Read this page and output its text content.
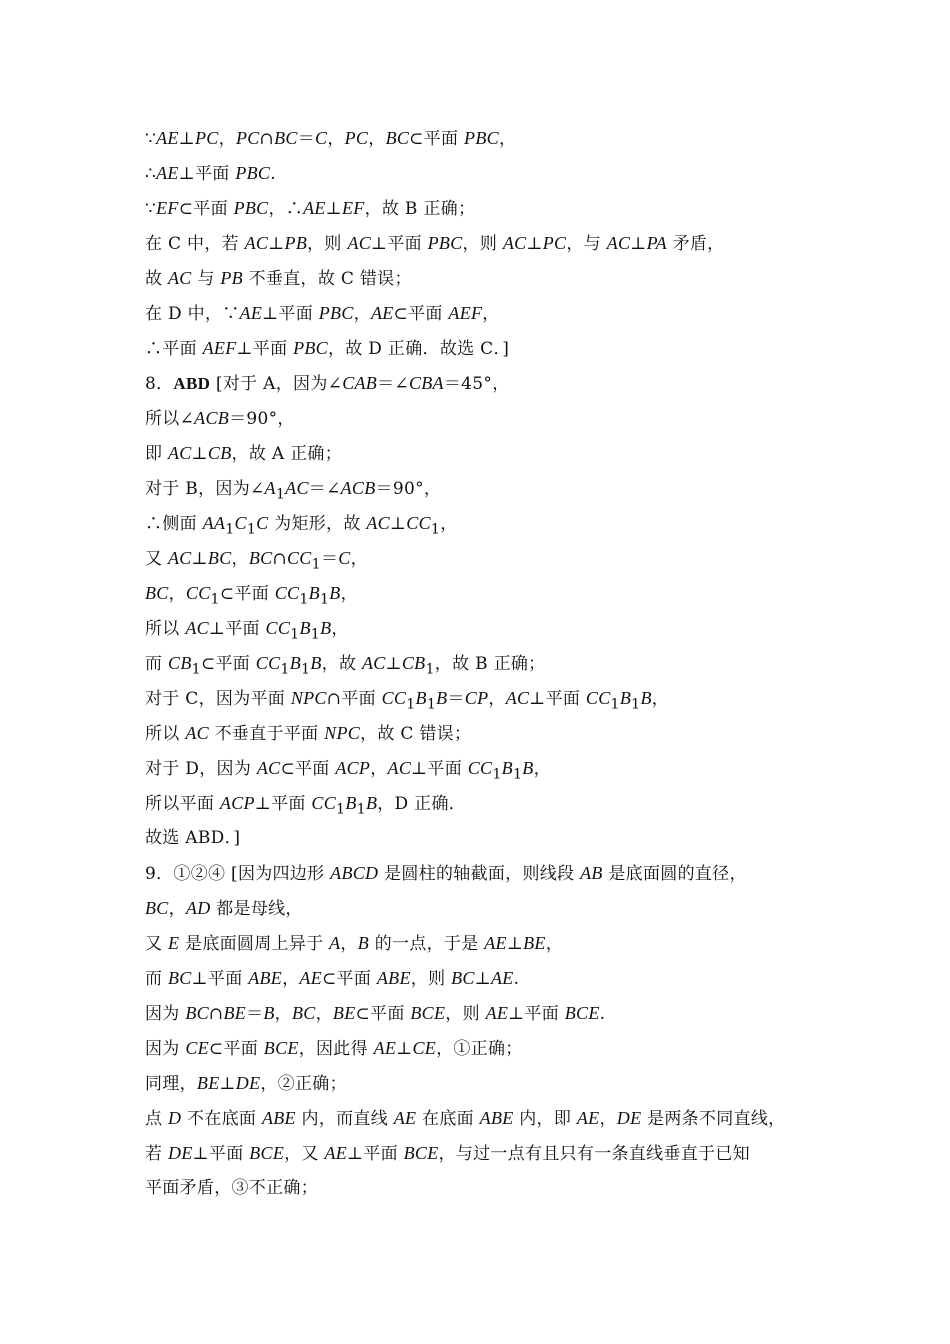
∵AE⊥PC，PC∩BC＝C，PC，BC⊂平面 PBC，
∴AE⊥平面 PBC.
∵EF⊂平面 PBC，∴AE⊥EF，故 B 正确；
在 C 中，若 AC⊥PB，则 AC⊥平面 PBC，则 AC⊥PC，与 AC⊥PA 矛盾，
故 AC 与 PB 不垂直，故 C 错误；
在 D 中，∵AE⊥平面 PBC，AE⊂平面 AEF，
∴平面 AEF⊥平面 PBC，故 D 正确．故选 C．]
8．ABD [对于 A，因为∠CAB＝∠CBA＝45°，
所以∠ACB＝90°，
即 AC⊥CB，故 A 正确；
对于 B，因为$\angle A_1AC=\angle ACB=90^\circ$，
∴侧面 $AA_1C_1C$ 为矩形，故 $AC\perp CC_1$，
又 AC⊥BC，$BC\cap CC_1=C$，
BC，$CC_1\subset$平面 $CC_1B_1B$，
所以 AC⊥平面 $CC_1B_1B$，
而 $CB_1\subset$平面 $CC_1B_1B$，故 $AC\perp CB_1$，故 B 正确；
对于 C，因为平面 NPC∩平面 $CC_1B_1B=CP$，AC⊥平面 $CC_1B_1B$，
所以 AC 不垂直于平面 NPC，故 C 错误；
对于 D，因为 AC⊂平面 ACP，AC⊥平面 $CC_1B_1B$，
所以平面 ACP⊥平面 $CC_1B_1B$，D 正确．
故选 ABD．]
9．①②④ [因为四边形 ABCD 是圆柱的轴截面，则线段 AB 是底面圆的直径，
BC，AD 都是母线，
又 E 是底面圆周上异于 A，B 的一点，于是 AE⊥BE，
而 BC⊥平面 ABE，AE⊂平面 ABE，则 BC⊥AE.
因为 BC∩BE＝B，BC，BE⊂平面 BCE，则 AE⊥平面 BCE.
因为 CE⊂平面 BCE，因此得 AE⊥CE，①正确；
同理，BE⊥DE，②正确；
点 D 不在底面 ABE 内，而直线 AE 在底面 ABE 内，即 AE，DE 是两条不同直线，
若 DE⊥平面 BCE，又 AE⊥平面 BCE，与过一点有且只有一条直线垂直于已知
平面矛盾，③不正确；
